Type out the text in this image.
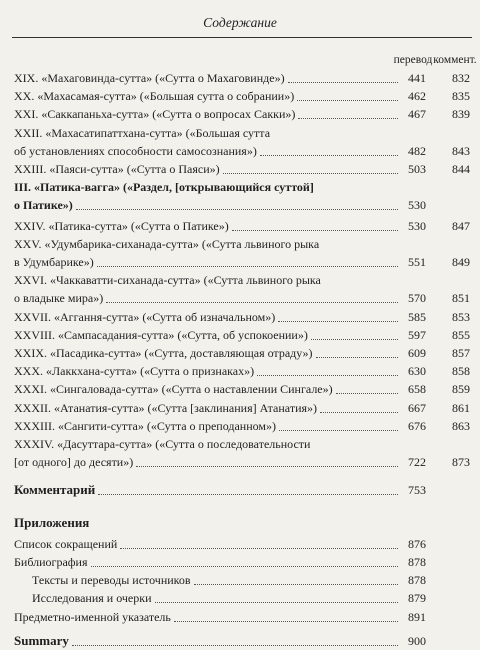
Содержание
перевод коммент.
XIX. «Махаговинда-сутта» («Сутта о Махаговинде»)	441	832
XX. «Махасамая-сутта» («Большая сутта о собрании»)	462	835
XXI. «Саккапаньха-сутта» («Сутта о вопросах Сакки»)	467	839
XXII. «Махасатипаттхана-сутта» («Большая сутта
об установлениях способности самосознания»)	482	843
XXIII. «Паяси-сутта» («Сутта о Паяси»)	503	844
III. «Патика-вагга» («Раздел, [открывающийся суттой]
о Патике»)	530
XXIV. «Патика-сутта» («Сутта о Патике»)	530	847
XXV. «Удумбарика-сиханада-сутта» («Сутта львиного рыка
в Удумбарике»)	551	849
XXVI. «Чаккаватти-сиханада-сутта» («Сутта львиного рыка
о владыке мира»)	570	851
XXVII. «Аггання-сутта» («Сутта об изначальном»)	585	853
XXVIII. «Сампасадания-сутта» («Сутта, об успокоении»)	597	855
XXIX. «Пасадика-сутта» («Сутта, доставляющая отраду»)	609	857
XXX. «Лаккхана-сутта» («Сутта о признаках»)	630	858
XXXI. «Сингаловада-сутта» («Сутта о наставлении Сингале»)	658	859
XXXII. «Атанатия-сутта» («Сутта [заклинания] Атанатия»)	667	861
XXXIII. «Сангити-сутта» («Сутта о преподанном»)	676	863
XXXIV. «Дасуттара-сутта» («Сутта о последовательности
[от одного] до десяти»)	722	873
Комментарий	753
Приложения
Список сокращений	876
Библиография	878
Тексты и переводы источников	878
Исследования и очерки	879
Предметно-именной указатель	891
Summary	900
